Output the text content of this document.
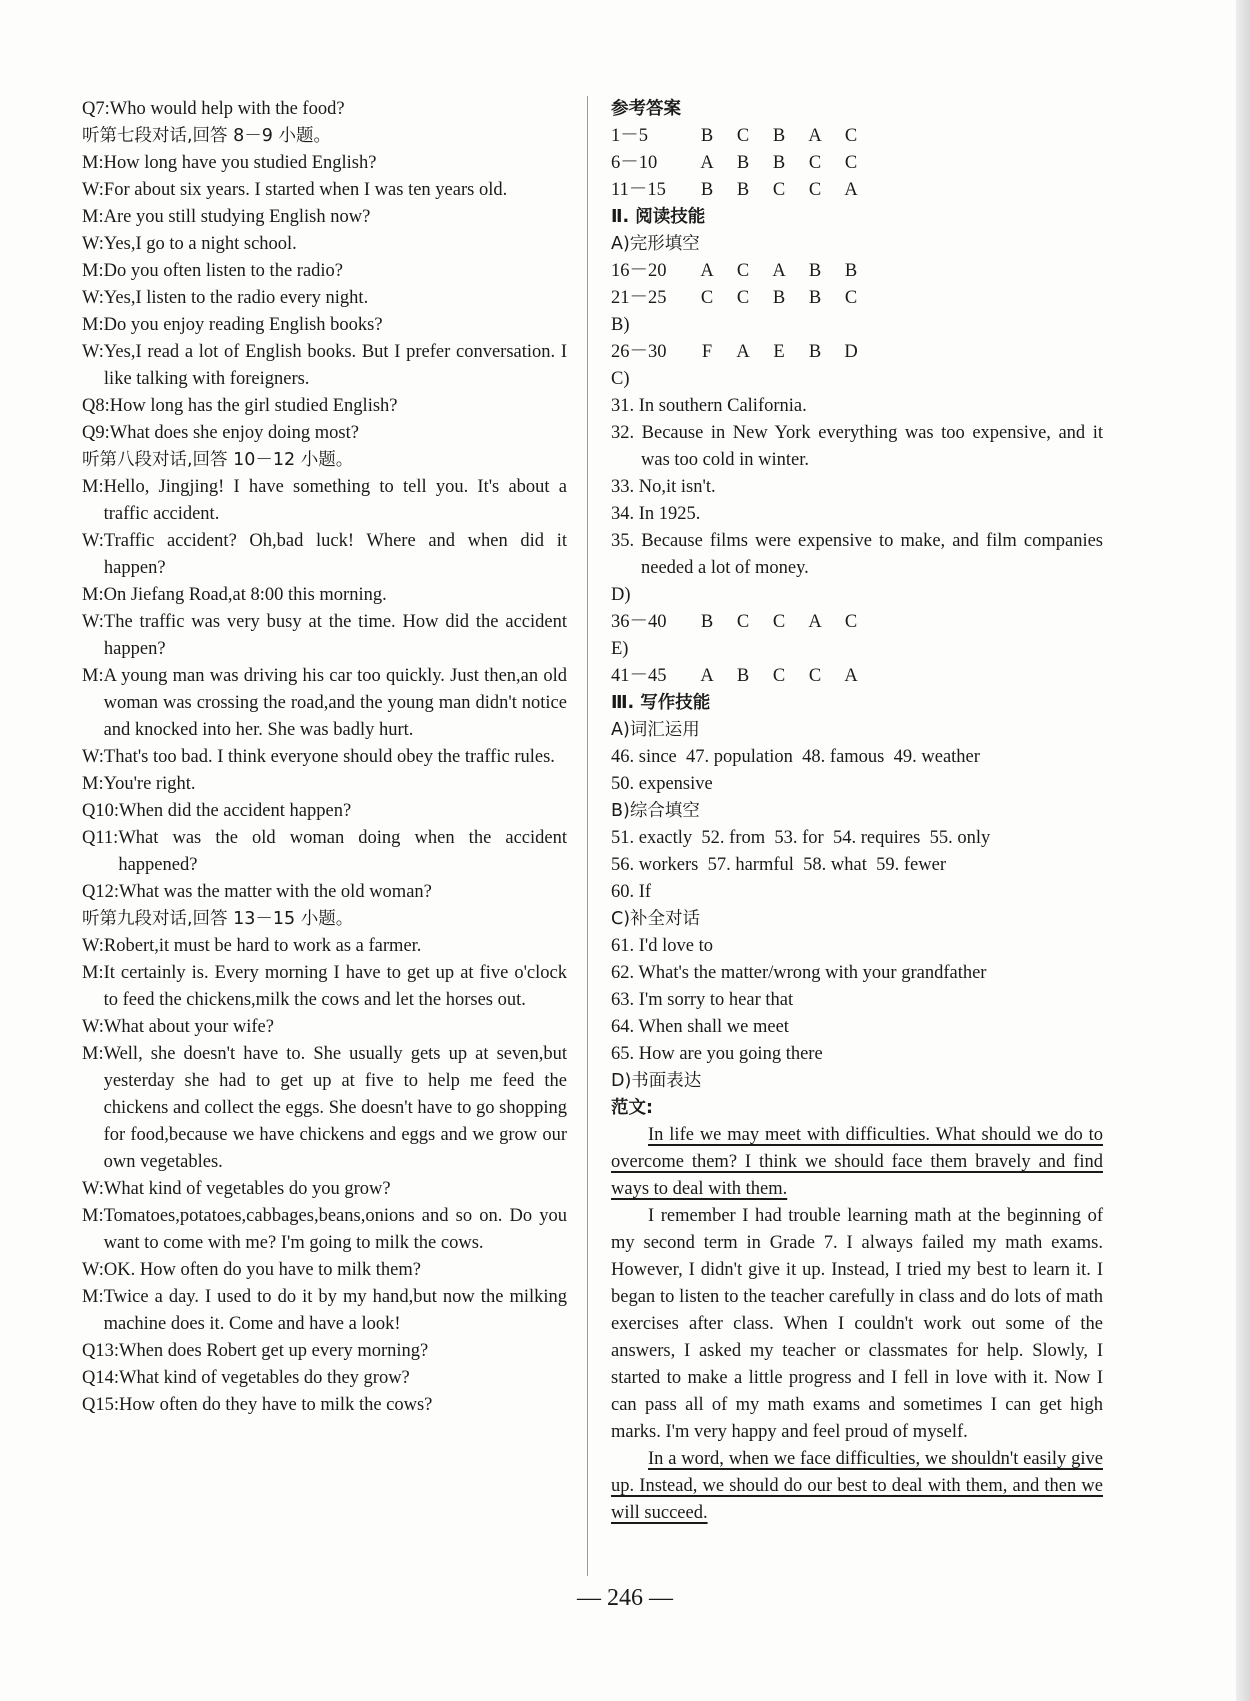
Q7: Who would help with the food?
听第七段对话,回答 8－9 小题。
M: How long have you studied English?
W: For about six years. I started when I was ten years old.
M: Are you still studying English now?
W: Yes,I go to a night school.
M: Do you often listen to the radio?
W: Yes,I listen to the radio every night.
M: Do you enjoy reading English books?
W: Yes,I read a lot of English books. But I prefer conversation. I like talking with foreigners.
Q8: How long has the girl studied English?
Q9: What does she enjoy doing most?
听第八段对话,回答 10－12 小题。
M: Hello, Jingjing! I have something to tell you. It's about a traffic accident.
W: Traffic accident? Oh,bad luck! Where and when did it happen?
M: On Jiefang Road,at 8:00 this morning.
W: The traffic was very busy at the time. How did the accident happen?
M: A young man was driving his car too quickly. Just then,an old woman was crossing the road,and the young man didn't notice and knocked into her. She was badly hurt.
W: That's too bad. I think everyone should obey the traffic rules.
M: You're right.
Q10: When did the accident happen?
Q11: What was the old woman doing when the accident happened?
Q12: What was the matter with the old woman?
听第九段对话,回答 13－15 小题。
W: Robert,it must be hard to work as a farmer.
M: It certainly is. Every morning I have to get up at five o'clock to feed the chickens,milk the cows and let the horses out.
W: What about your wife?
M: Well, she doesn't have to. She usually gets up at seven,but yesterday she had to get up at five to help me feed the chickens and collect the eggs. She doesn't have to go shopping for food,because we have chickens and eggs and we grow our own vegetables.
W: What kind of vegetables do you grow?
M: Tomatoes,potatoes,cabbages,beans,onions and so on. Do you want to come with me? I'm going to milk the cows.
W: OK. How often do you have to milk them?
M: Twice a day. I used to do it by my hand,but now the milking machine does it. Come and have a look!
Q13: When does Robert get up every morning?
Q14: What kind of vegetables do they grow?
Q15: How often do they have to milk the cows?
参考答案
1－5	B	C	B	A	C
6－10	A	B	B	C	C
11－15	B	B	C	C	A
Ⅱ. 阅读技能
A)完形填空
16－20	A	C	A	B	B
21－25	C	C	B	B	C
B)
26－30	F	A	E	B	D
C)
31. In southern California.
32. Because in New York everything was too expensive, and it was too cold in winter.
33. No,it isn't.
34. In 1925.
35. Because films were expensive to make, and film companies needed a lot of money.
D)
36－40	B	C	C	A	C
E)
41－45	A	B	C	C	A
Ⅲ. 写作技能
A)词汇运用
46. since 47. population 48. famous 49. weather
50. expensive
B)综合填空
51. exactly 52. from 53. for 54. requires 55. only
56. workers 57. harmful 58. what 59. fewer
60. If
C)补全对话
61. I'd love to
62. What's the matter/wrong with your grandfather
63. I'm sorry to hear that
64. When shall we meet
65. How are you going there
D)书面表达
范文:
In life we may meet with difficulties. What should we do to overcome them? I think we should face them bravely and find ways to deal with them.
I remember I had trouble learning math at the beginning of my second term in Grade 7. I always failed my math exams. However, I didn't give it up. Instead, I tried my best to learn it. I began to listen to the teacher carefully in class and do lots of math exercises after class. When I couldn't work out some of the answers, I asked my teacher or classmates for help. Slowly, I started to make a little progress and I fell in love with it. Now I can pass all of my math exams and sometimes I can get high marks. I'm very happy and feel proud of myself.
In a word, when we face difficulties, we shouldn't easily give up. Instead, we should do our best to deal with them, and then we will succeed.
— 246 —
